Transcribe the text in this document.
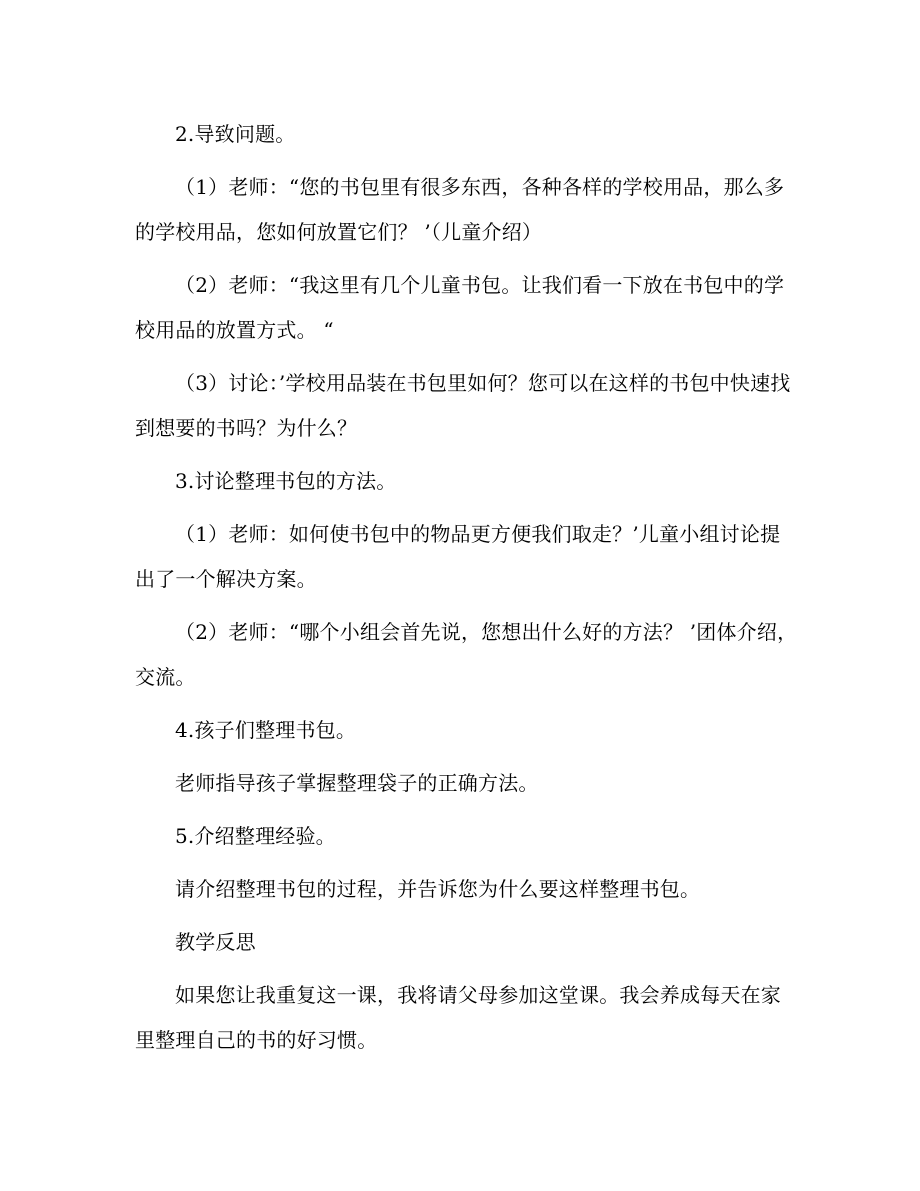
2.导致问题。

（1）老师：“您的书包里有很多东西，各种各样的学校用品，那么多的学校用品，您如何放置它们？ ’（儿童介绍）

（2）老师：“我这里有几个儿童书包。让我们看一下放在书包中的学校用品的放置方式。 “

（3）讨论：’学校用品装在书包里如何？您可以在这样的书包中快速找到想要的书吗？为什么？

3.讨论整理书包的方法。

（1）老师：如何使书包中的物品更方便我们取走？’儿童小组讨论提出了一个解决方案。

（2）老师：“哪个小组会首先说，您想出什么好的方法？ ’团体介绍，交流。

4.孩子们整理书包。

老师指导孩子掌握整理袋子的正确方法。

5.介绍整理经验。

请介绍整理书包的过程，并告诉您为什么要这样整理书包。

教学反思

如果您让我重复这一课，我将请父母参加这堂课。我会养成每天在家里整理自己的书的好习惯。
